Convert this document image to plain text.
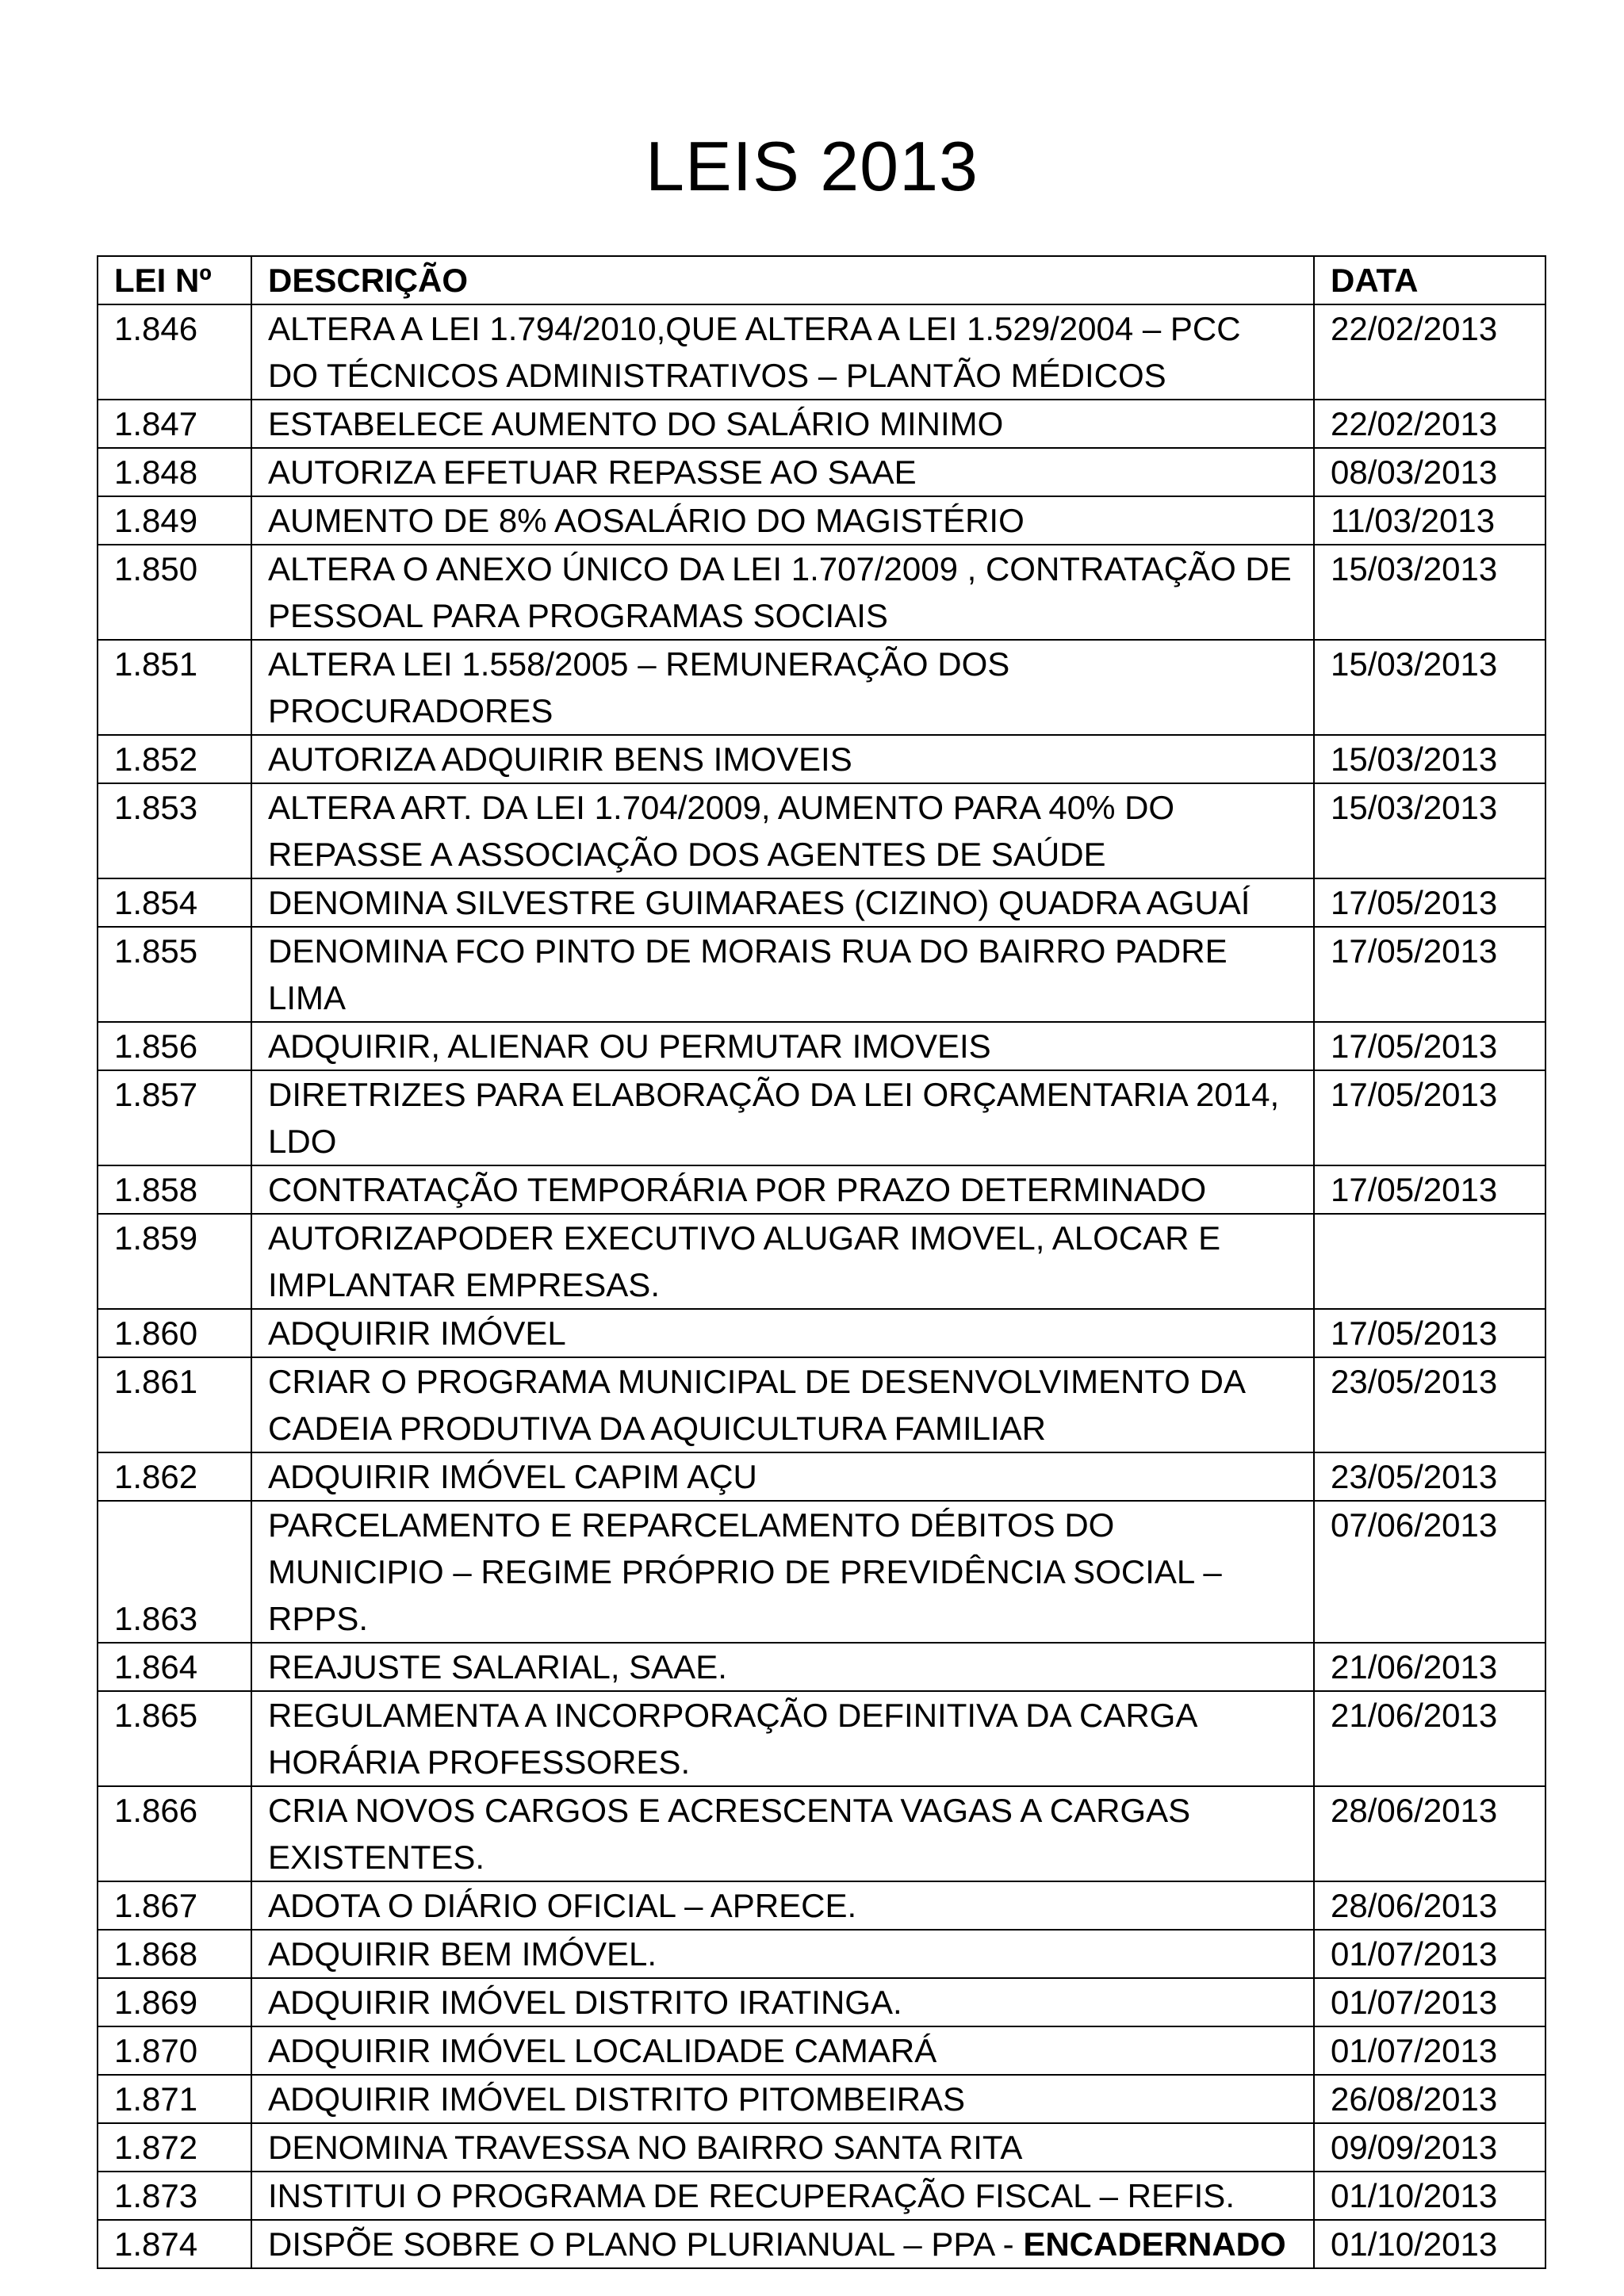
LEIS 2013
LEI Nº	DESCRIÇÃO	DATA
1.846	ALTERA A LEI 1.794/2010,QUE ALTERA A LEI 1.529/2004 – PCC DO TÉCNICOS ADMINISTRATIVOS – PLANTÃO MÉDICOS	22/02/2013
1.847	ESTABELECE AUMENTO DO SALÁRIO MINIMO	22/02/2013
1.848	AUTORIZA EFETUAR REPASSE AO SAAE	08/03/2013
1.849	AUMENTO DE 8% AOSALÁRIO DO MAGISTÉRIO	11/03/2013
1.850	ALTERA O ANEXO ÚNICO DA LEI 1.707/2009 , CONTRATAÇÃO DE PESSOAL PARA PROGRAMAS SOCIAIS	15/03/2013
1.851	ALTERA LEI 1.558/2005 – REMUNERAÇÃO DOS PROCURADORES	15/03/2013
1.852	AUTORIZA ADQUIRIR BENS IMOVEIS	15/03/2013
1.853	ALTERA ART. DA LEI 1.704/2009, AUMENTO PARA 40% DO REPASSE A ASSOCIAÇÃO DOS AGENTES DE SAÚDE	15/03/2013
1.854	DENOMINA SILVESTRE GUIMARAES (CIZINO) QUADRA AGUAÍ	17/05/2013
1.855	DENOMINA FCO PINTO DE MORAIS RUA DO BAIRRO PADRE LIMA	17/05/2013
1.856	ADQUIRIR, ALIENAR OU PERMUTAR IMOVEIS	17/05/2013
1.857	DIRETRIZES PARA ELABORAÇÃO DA LEI ORÇAMENTARIA 2014, LDO	17/05/2013
1.858	CONTRATAÇÃO TEMPORÁRIA POR PRAZO DETERMINADO	17/05/2013
1.859	AUTORIZAPODER EXECUTIVO ALUGAR IMOVEL, ALOCAR E IMPLANTAR EMPRESAS.	
1.860	ADQUIRIR IMÓVEL	17/05/2013
1.861	CRIAR O PROGRAMA MUNICIPAL DE DESENVOLVIMENTO DA CADEIA PRODUTIVA DA AQUICULTURA FAMILIAR	23/05/2013
1.862	ADQUIRIR IMÓVEL CAPIM AÇU	23/05/2013
1.863	PARCELAMENTO E REPARCELAMENTO DÉBITOS DO MUNICIPIO – REGIME PRÓPRIO DE PREVIDÊNCIA SOCIAL – RPPS.	07/06/2013
1.864	REAJUSTE SALARIAL, SAAE.	21/06/2013
1.865	REGULAMENTA A INCORPORAÇÃO DEFINITIVA DA CARGA HORÁRIA PROFESSORES.	21/06/2013
1.866	CRIA NOVOS CARGOS E ACRESCENTA VAGAS A CARGAS EXISTENTES.	28/06/2013
1.867	ADOTA O DIÁRIO OFICIAL – APRECE.	28/06/2013
1.868	ADQUIRIR BEM IMÓVEL.	01/07/2013
1.869	ADQUIRIR IMÓVEL DISTRITO IRATINGA.	01/07/2013
1.870	ADQUIRIR IMÓVEL LOCALIDADE CAMARÁ	01/07/2013
1.871	ADQUIRIR IMÓVEL DISTRITO PITOMBEIRAS	26/08/2013
1.872	DENOMINA TRAVESSA NO BAIRRO SANTA RITA	09/09/2013
1.873	INSTITUI O PROGRAMA DE RECUPERAÇÃO FISCAL – REFIS.	01/10/2013
1.874	DISPÕE SOBRE O PLANO PLURIANUAL – PPA - ENCADERNADO	01/10/2013
